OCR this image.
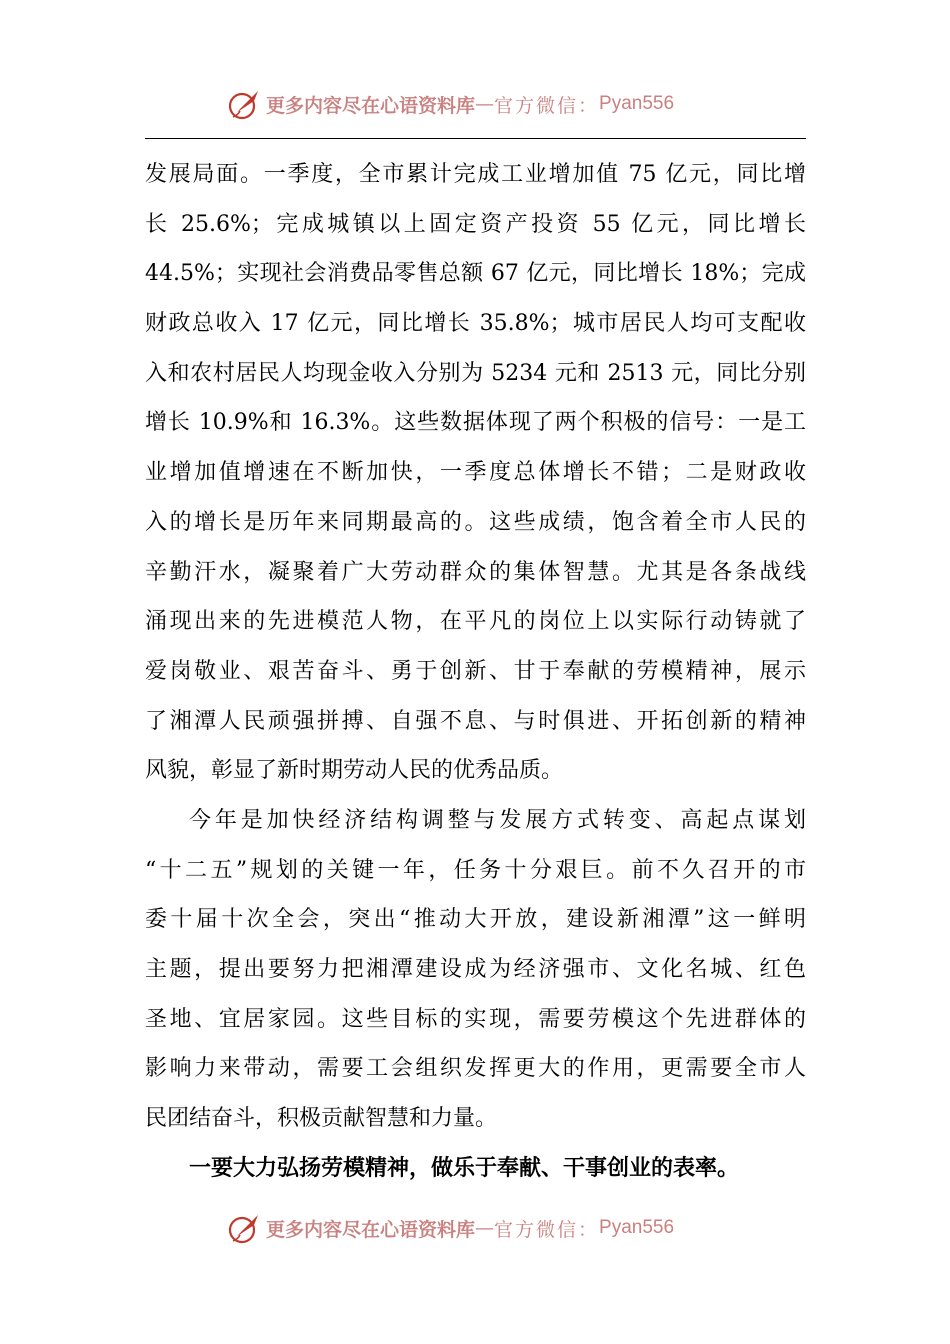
更多内容尽在心语资料库 — 官方微信： Pyan556
发展局面。一季度，全市累计完成工业增加值 75 亿元，同比增
长 25.6%；完成城镇以上固定资产投资 55 亿元，同比增长
44.5%；实现社会消费品零售总额 67 亿元，同比增长 18%；完成
财政总收入 17 亿元，同比增长 35.8%；城市居民人均可支配收
入和农村居民人均现金收入分别为 5234 元和 2513 元，同比分别
增长 10.9%和 16.3%。这些数据体现了两个积极的信号：一是工
业增加值增速在不断加快，一季度总体增长不错；二是财政收
入的增长是历年来同期最高的。这些成绩，饱含着全市人民的
辛勤汗水，凝聚着广大劳动群众的集体智慧。尤其是各条战线
涌现出来的先进模范人物，在平凡的岗位上以实际行动铸就了
爱岗敬业、艰苦奋斗、勇于创新、甘于奉献的劳模精神，展示
了湘潭人民顽强拼搏、自强不息、与时俱进、开拓创新的精神
风貌，彰显了新时期劳动人民的优秀品质。
今年是加快经济结构调整与发展方式转变、高起点谋划
“十二五”规划的关键一年，任务十分艰巨。前不久召开的市
委十届十次全会，突出“推动大开放，建设新湘潭”这一鲜明
主题，提出要努力把湘潭建设成为经济强市、文化名城、红色
圣地、宜居家园。这些目标的实现，需要劳模这个先进群体的
影响力来带动，需要工会组织发挥更大的作用，更需要全市人
民团结奋斗，积极贡献智慧和力量。
一要大力弘扬劳模精神，做乐于奉献、干事创业的表率。
更多内容尽在心语资料库 — 官方微信： Pyan556
